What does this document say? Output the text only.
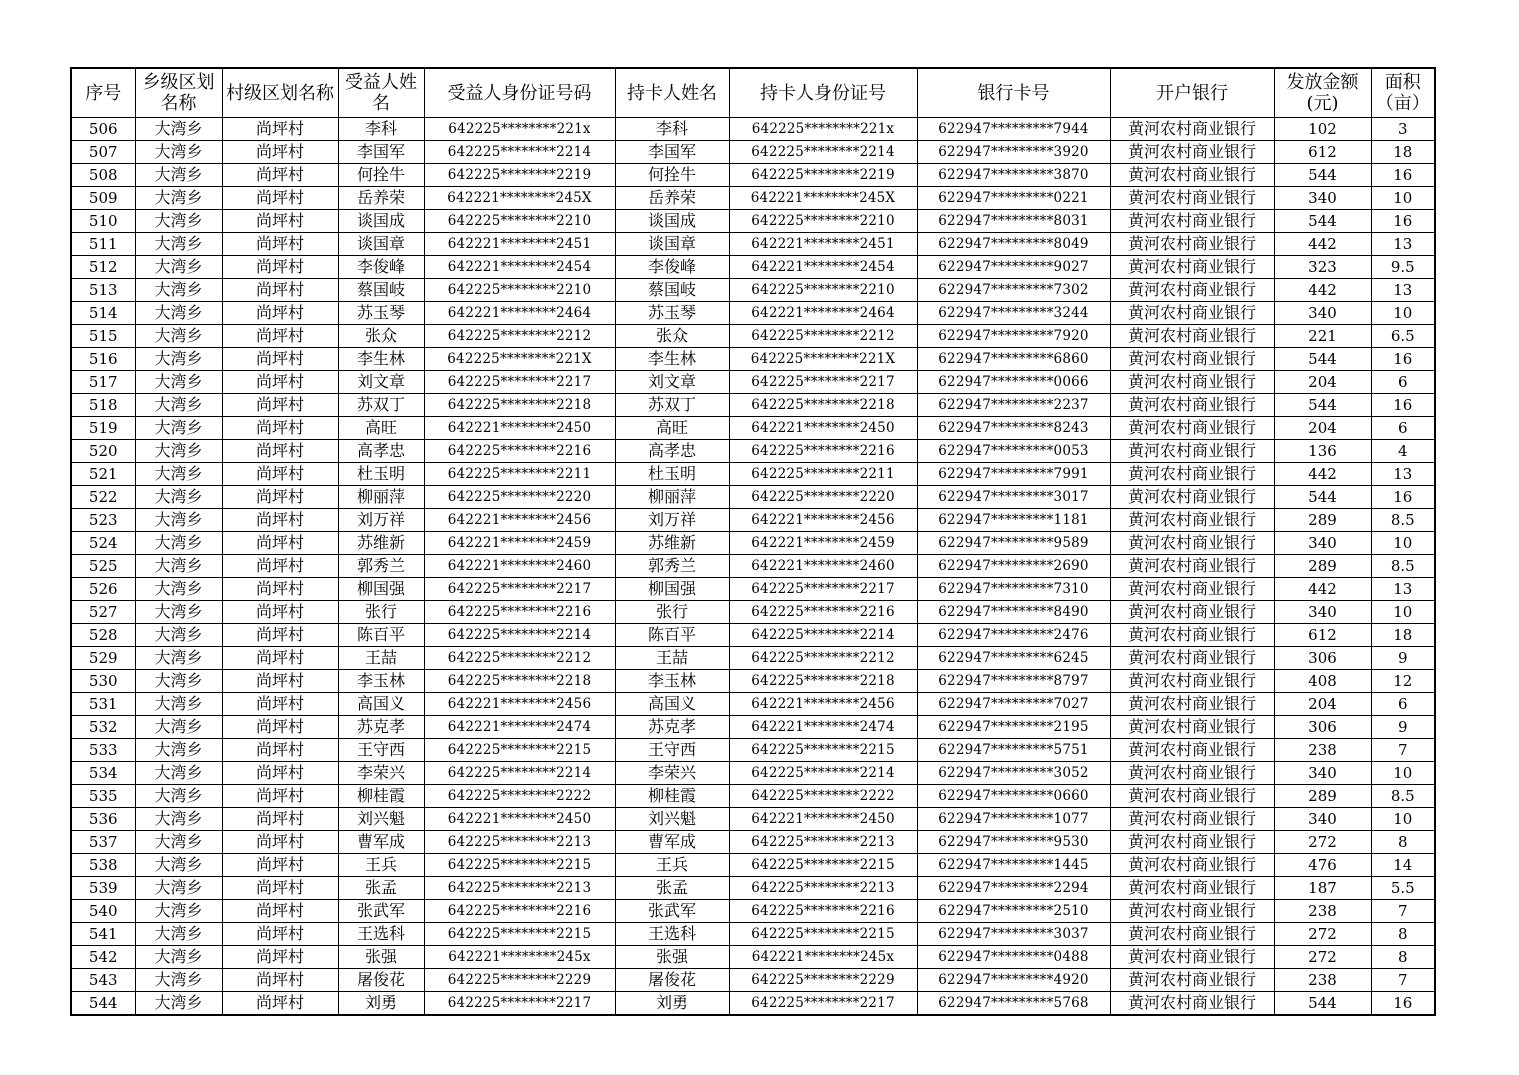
序号	乡级区划名称	村级区划名称	受益人姓名	受益人身份证号码	持卡人姓名	持卡人身份证号	银行卡号	开户银行	发放金额(元)	面积（亩）
506	大湾乡	尚坪村	李科	642225********221x	李科	642225********221x	622947*********7944	黄河农村商业银行	102	3
507	大湾乡	尚坪村	李国军	642225********2214	李国军	642225********2214	622947*********3920	黄河农村商业银行	612	18
508	大湾乡	尚坪村	何拴牛	642225********2219	何拴牛	642225********2219	622947*********3870	黄河农村商业银行	544	16
509	大湾乡	尚坪村	岳养荣	642221********245X	岳养荣	642221********245X	622947*********0221	黄河农村商业银行	340	10
510	大湾乡	尚坪村	谈国成	642225********2210	谈国成	642225********2210	622947*********8031	黄河农村商业银行	544	16
511	大湾乡	尚坪村	谈国章	642221********2451	谈国章	642221********2451	622947*********8049	黄河农村商业银行	442	13
512	大湾乡	尚坪村	李俊峰	642221********2454	李俊峰	642221********2454	622947*********9027	黄河农村商业银行	323	9.5
513	大湾乡	尚坪村	蔡国岐	642225********2210	蔡国岐	642225********2210	622947*********7302	黄河农村商业银行	442	13
514	大湾乡	尚坪村	苏玉琴	642221********2464	苏玉琴	642221********2464	622947*********3244	黄河农村商业银行	340	10
515	大湾乡	尚坪村	张众	642225********2212	张众	642225********2212	622947*********7920	黄河农村商业银行	221	6.5
516	大湾乡	尚坪村	李生林	642225********221X	李生林	642225********221X	622947*********6860	黄河农村商业银行	544	16
517	大湾乡	尚坪村	刘文章	642225********2217	刘文章	642225********2217	622947*********0066	黄河农村商业银行	204	6
518	大湾乡	尚坪村	苏双丁	642225********2218	苏双丁	642225********2218	622947*********2237	黄河农村商业银行	544	16
519	大湾乡	尚坪村	高旺	642221********2450	高旺	642221********2450	622947*********8243	黄河农村商业银行	204	6
520	大湾乡	尚坪村	高孝忠	642225********2216	高孝忠	642225********2216	622947*********0053	黄河农村商业银行	136	4
521	大湾乡	尚坪村	杜玉明	642225********2211	杜玉明	642225********2211	622947*********7991	黄河农村商业银行	442	13
522	大湾乡	尚坪村	柳丽萍	642225********2220	柳丽萍	642225********2220	622947*********3017	黄河农村商业银行	544	16
523	大湾乡	尚坪村	刘万祥	642221********2456	刘万祥	642221********2456	622947*********1181	黄河农村商业银行	289	8.5
524	大湾乡	尚坪村	苏维新	642221********2459	苏维新	642221********2459	622947*********9589	黄河农村商业银行	340	10
525	大湾乡	尚坪村	郭秀兰	642221********2460	郭秀兰	642221********2460	622947*********2690	黄河农村商业银行	289	8.5
526	大湾乡	尚坪村	柳国强	642225********2217	柳国强	642225********2217	622947*********7310	黄河农村商业银行	442	13
527	大湾乡	尚坪村	张行	642225********2216	张行	642225********2216	622947*********8490	黄河农村商业银行	340	10
528	大湾乡	尚坪村	陈百平	642225********2214	陈百平	642225********2214	622947*********2476	黄河农村商业银行	612	18
529	大湾乡	尚坪村	王喆	642225********2212	王喆	642225********2212	622947*********6245	黄河农村商业银行	306	9
530	大湾乡	尚坪村	李玉林	642225********2218	李玉林	642225********2218	622947*********8797	黄河农村商业银行	408	12
531	大湾乡	尚坪村	高国义	642221********2456	高国义	642221********2456	622947*********7027	黄河农村商业银行	204	6
532	大湾乡	尚坪村	苏克孝	642221********2474	苏克孝	642221********2474	622947*********2195	黄河农村商业银行	306	9
533	大湾乡	尚坪村	王守西	642225********2215	王守西	642225********2215	622947*********5751	黄河农村商业银行	238	7
534	大湾乡	尚坪村	李荣兴	642225********2214	李荣兴	642225********2214	622947*********3052	黄河农村商业银行	340	10
535	大湾乡	尚坪村	柳桂霞	642225********2222	柳桂霞	642225********2222	622947*********0660	黄河农村商业银行	289	8.5
536	大湾乡	尚坪村	刘兴魁	642221********2450	刘兴魁	642221********2450	622947*********1077	黄河农村商业银行	340	10
537	大湾乡	尚坪村	曹军成	642225********2213	曹军成	642225********2213	622947*********9530	黄河农村商业银行	272	8
538	大湾乡	尚坪村	王兵	642225********2215	王兵	642225********2215	622947*********1445	黄河农村商业银行	476	14
539	大湾乡	尚坪村	张孟	642225********2213	张孟	642225********2213	622947*********2294	黄河农村商业银行	187	5.5
540	大湾乡	尚坪村	张武军	642225********2216	张武军	642225********2216	622947*********2510	黄河农村商业银行	238	7
541	大湾乡	尚坪村	王选科	642225********2215	王选科	642225********2215	622947*********3037	黄河农村商业银行	272	8
542	大湾乡	尚坪村	张强	642221********245x	张强	642221********245x	622947*********0488	黄河农村商业银行	272	8
543	大湾乡	尚坪村	屠俊花	642225********2229	屠俊花	642225********2229	622947*********4920	黄河农村商业银行	238	7
544	大湾乡	尚坪村	刘勇	642225********2217	刘勇	642225********2217	622947*********5768	黄河农村商业银行	544	16
